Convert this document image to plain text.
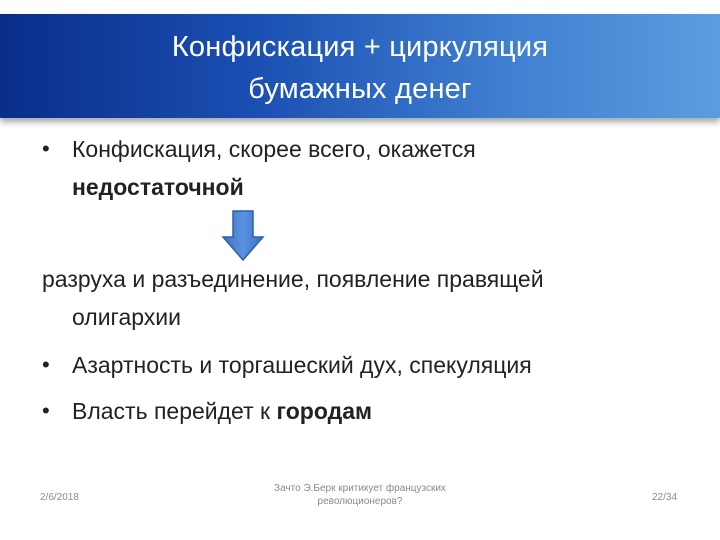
Конфискация + циркуляция
бумажных денег
• Конфискация, скорее всего, окажется
недостаточной
разруха и разъединение, появление правящей
олигархии
• Азартность и торгашеский дух, спекуляция
• Власть перейдет к городам
2/6/2018
Зачто Э.Берк критикует французских
революционеров?	22/34
